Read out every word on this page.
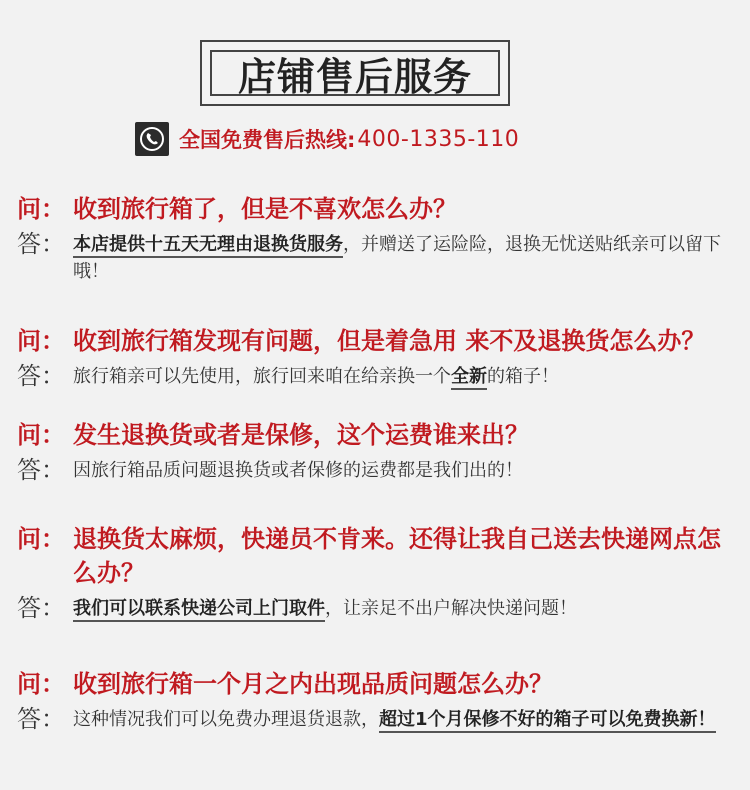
店铺售后服务
全国免费售后热线: 400-1335-110
问： 收到旅行箱了，但是不喜欢怎么办？
答： 本店提供十五天无理由退换货服务，并赠送了运险险，退换无忧送贴纸亲可以留下哦！
问： 收到旅行箱发现有问题，但是着急用 来不及退换货怎么办？
答： 旅行箱亲可以先使用，旅行回来咱在给亲换一个全新的箱子！
问： 发生退换货或者是保修，这个运费谁来出？
答： 因旅行箱品质问题退换货或者保修的运费都是我们出的！
问： 退换货太麻烦，快递员不肯来。还得让我自己送去快递网点怎么办？
答： 我们可以联系快递公司上门取件，让亲足不出户解决快递问题！
问： 收到旅行箱一个月之内出现品质问题怎么办？
答： 这种情况我们可以免费办理退货退款，超过1个月保修不好的箱子可以免费换新！
